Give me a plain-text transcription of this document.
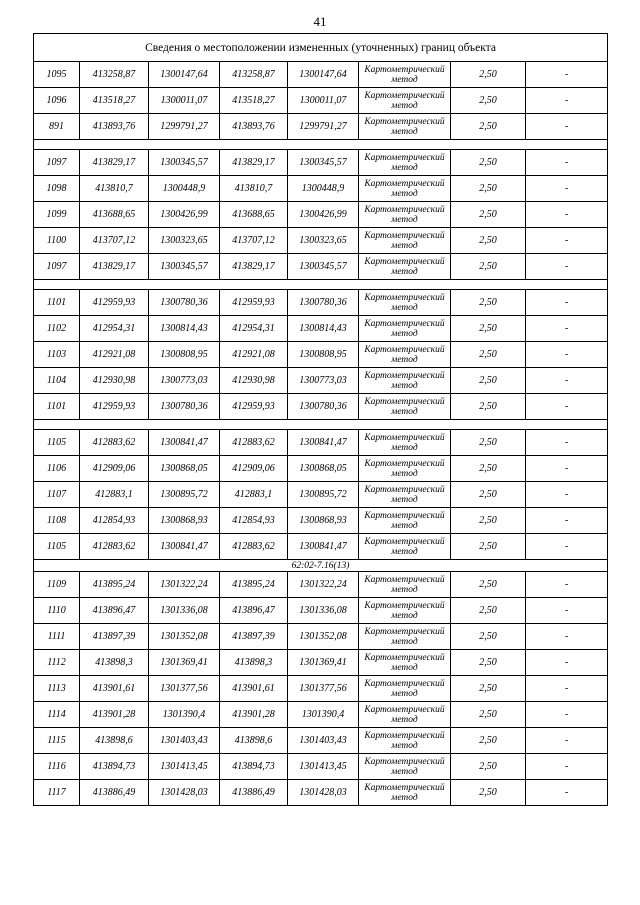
41
Сведения о местоположении измененных (уточненных) границ объекта							
1095	413258,87	1300147,64	413258,87	1300147,64	Картометрический метод	2,50	-
1096	413518,27	1300011,07	413518,27	1300011,07	Картометрический метод	2,50	-
891	413893,76	1299791,27	413893,76	1299791,27	Картометрический метод	2,50	-

1097	413829,17	1300345,57	413829,17	1300345,57	Картометрический метод	2,50	-
1098	413810,7	1300448,9	413810,7	1300448,9	Картометрический метод	2,50	-
1099	413688,65	1300426,99	413688,65	1300426,99	Картометрический метод	2,50	-
1100	413707,12	1300323,65	413707,12	1300323,65	Картометрический метод	2,50	-
1097	413829,17	1300345,57	413829,17	1300345,57	Картометрический метод	2,50	-

1101	412959,93	1300780,36	412959,93	1300780,36	Картометрический метод	2,50	-
1102	412954,31	1300814,43	412954,31	1300814,43	Картометрический метод	2,50	-
1103	412921,08	1300808,95	412921,08	1300808,95	Картометрический метод	2,50	-
1104	412930,98	1300773,03	412930,98	1300773,03	Картометрический метод	2,50	-
1101	412959,93	1300780,36	412959,93	1300780,36	Картометрический метод	2,50	-

1105	412883,62	1300841,47	412883,62	1300841,47	Картометрический метод	2,50	-
1106	412909,06	1300868,05	412909,06	1300868,05	Картометрический метод	2,50	-
1107	412883,1	1300895,72	412883,1	1300895,72	Картометрический метод	2,50	-
1108	412854,93	1300868,93	412854,93	1300868,93	Картометрический метод	2,50	-
1105	412883,62	1300841,47	412883,62	1300841,47	Картометрический метод	2,50	-
62:02-7.16(13)							
1109	413895,24	1301322,24	413895,24	1301322,24	Картометрический метод	2,50	-
1110	413896,47	1301336,08	413896,47	1301336,08	Картометрический метод	2,50	-
1111	413897,39	1301352,08	413897,39	1301352,08	Картометрический метод	2,50	-
1112	413898,3	1301369,41	413898,3	1301369,41	Картометрический метод	2,50	-
1113	413901,61	1301377,56	413901,61	1301377,56	Картометрический метод	2,50	-
1114	413901,28	1301390,4	413901,28	1301390,4	Картометрический метод	2,50	-
1115	413898,6	1301403,43	413898,6	1301403,43	Картометрический метод	2,50	-
1116	413894,73	1301413,45	413894,73	1301413,45	Картометрический метод	2,50	-
1117	413886,49	1301428,03	413886,49	1301428,03	Картометрический метод	2,50	-
